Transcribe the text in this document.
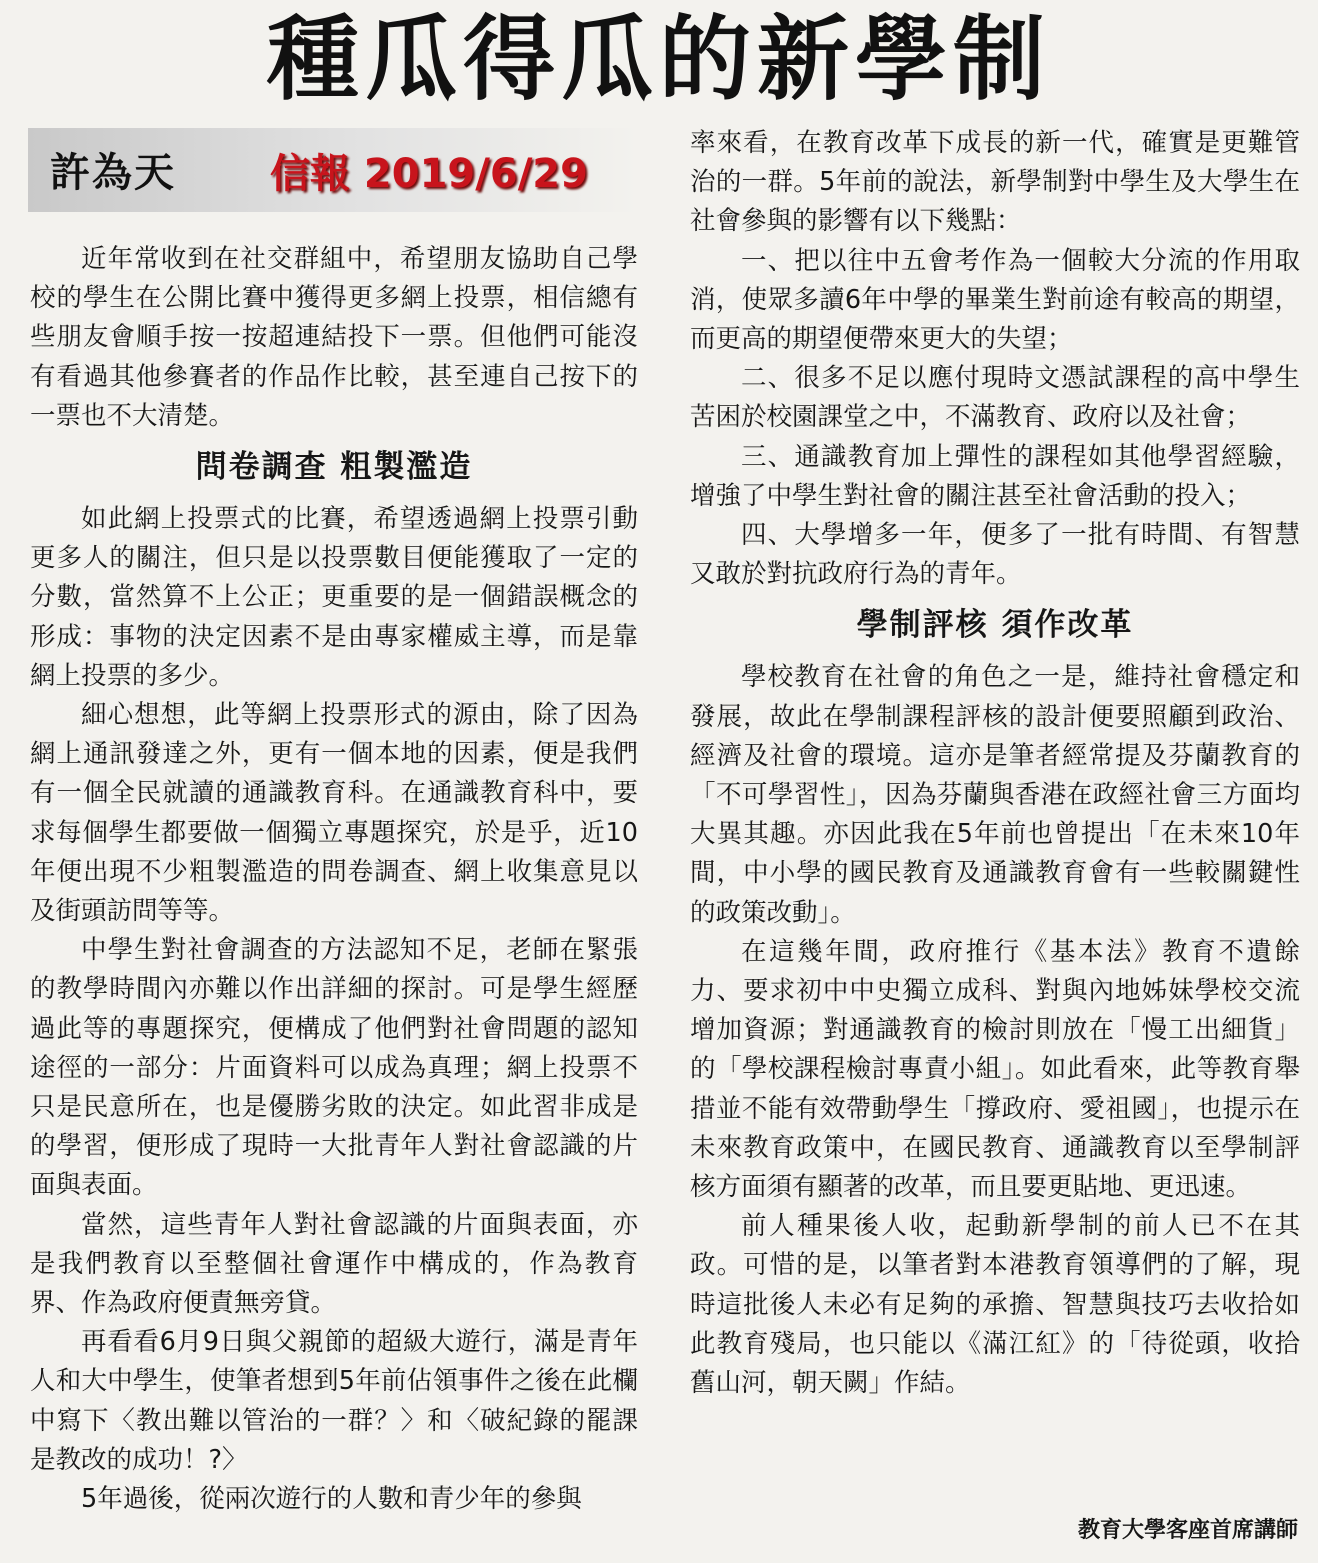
種瓜得瓜的新學制
許為天 信報 2019/6/29

近年常收到在社交群組中，希望朋友協助自己學校的學生在公開比賽中獲得更多網上投票，相信總有些朋友會順手按一按超連結投下一票。但他們可能沒有看過其他參賽者的作品作比較，甚至連自己按下的一票也不大清楚。

問卷調查 粗製濫造

如此網上投票式的比賽，希望透過網上投票引動更多人的關注，但只是以投票數目便能獲取了一定的分數，當然算不上公正；更重要的是一個錯誤概念的形成：事物的決定因素不是由專家權威主導，而是靠網上投票的多少。

細心想想，此等網上投票形式的源由，除了因為網上通訊發達之外，更有一個本地的因素，便是我們有一個全民就讀的通識教育科。在通識教育科中，要求每個學生都要做一個獨立專題探究，於是乎，近10年便出現不少粗製濫造的問卷調查、網上收集意見以及街頭訪問等等。

中學生對社會調查的方法認知不足，老師在緊張的教學時間內亦難以作出詳細的探討。可是學生經歷過此等的專題探究，便構成了他們對社會問題的認知途徑的一部分：片面資料可以成為真理；網上投票不只是民意所在，也是優勝劣敗的決定。如此習非成是的學習，便形成了現時一大批青年人對社會認識的片面與表面。

當然，這些青年人對社會認識的片面與表面，亦是我們教育以至整個社會運作中構成的，作為教育界、作為政府便責無旁貸。

再看看6月9日與父親節的超級大遊行，滿是青年人和大中學生，使筆者想到5年前佔領事件之後在此欄中寫下〈教出難以管治的一群？〉和〈破紀錄的罷課是教改的成功！?〉

5年過後，從兩次遊行的人數和青少年的參與

率來看，在教育改革下成長的新一代，確實是更難管治的一群。5年前的說法，新學制對中學生及大學生在社會參與的影響有以下幾點：

一、把以往中五會考作為一個較大分流的作用取消，使眾多讀6年中學的畢業生對前途有較高的期望，而更高的期望便帶來更大的失望；

二、很多不足以應付現時文憑試課程的高中學生苦困於校園課堂之中，不滿教育、政府以及社會；

三、通識教育加上彈性的課程如其他學習經驗，增強了中學生對社會的關注甚至社會活動的投入；

四、大學增多一年，便多了一批有時間、有智慧又敢於對抗政府行為的青年。

學制評核 須作改革

學校教育在社會的角色之一是，維持社會穩定和發展，故此在學制課程評核的設計便要照顧到政治、經濟及社會的環境。這亦是筆者經常提及芬蘭教育的「不可學習性」，因為芬蘭與香港在政經社會三方面均大異其趣。亦因此我在5年前也曾提出「在未來10年間，中小學的國民教育及通識教育會有一些較關鍵性的政策改動」。

在這幾年間，政府推行《基本法》教育不遺餘力、要求初中中史獨立成科、對與內地姊妹學校交流增加資源；對通識教育的檢討則放在「慢工出細貨」的「學校課程檢討專責小組」。如此看來，此等教育舉措並不能有效帶動學生「撐政府、愛祖國」，也提示在未來教育政策中，在國民教育、通識教育以至學制評核方面須有顯著的改革，而且要更貼地、更迅速。

前人種果後人收，起動新學制的前人已不在其政。可惜的是，以筆者對本港教育領導們的了解，現時這批後人未必有足夠的承擔、智慧與技巧去收拾如此教育殘局，也只能以《滿江紅》的「待從頭，收拾舊山河，朝天闕」作結。

教育大學客座首席講師
